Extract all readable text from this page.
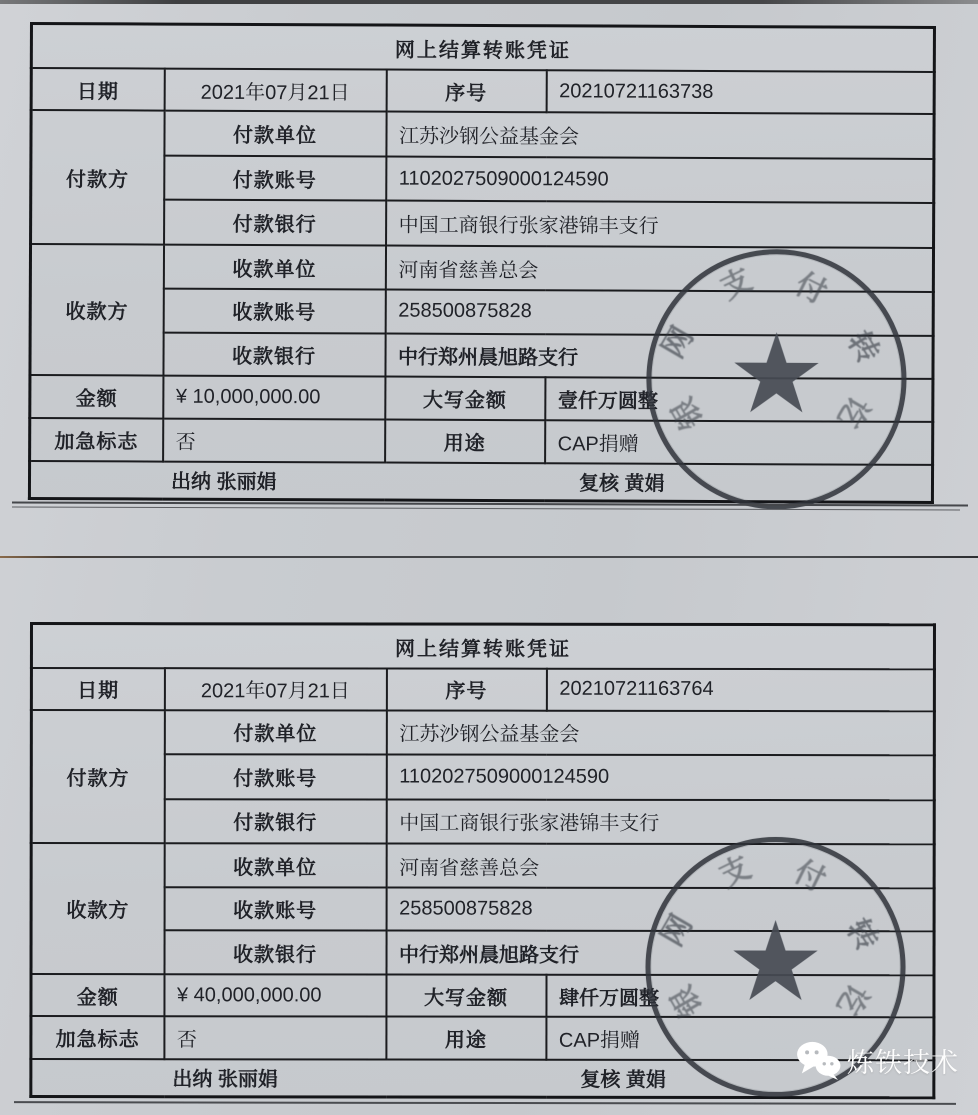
网上结算转账凭证			
日期	2021年07月21日	序号	20210721163738
付款方	付款单位	江苏沙钢公益基金会	
	付款账号	1102027509000124590	
	付款银行	中国工商银行张家港锦丰支行	
收款方	收款单位	河南省慈善总会	
	收款账号	258500875828	
	收款银行	中行郑州晨旭路支行	
金额	¥ 10,000,000.00	大写金额	壹仟万圆整
加急标志	否	用途	CAP捐赠

出纳 张丽娟 复核 黄娟			
★
支 付
网	转
银	讫
网上结算转账凭证			
日期	2021年07月21日	序号	20210721163764
付款方	付款单位	江苏沙钢公益基金会	
	付款账号	1102027509000124590	
	付款银行	中国工商银行张家港锦丰支行	
收款方	收款单位	河南省慈善总会	
	收款账号	258500875828	
	收款银行	中行郑州晨旭路支行	
金额	¥ 40,000,000.00	大写金额	肆仟万圆整
加急标志	否	用途	CAP捐赠

出纳 张丽娟 复核 黄娟			
★
支 付
网	转
银	讫
炼铁技术
